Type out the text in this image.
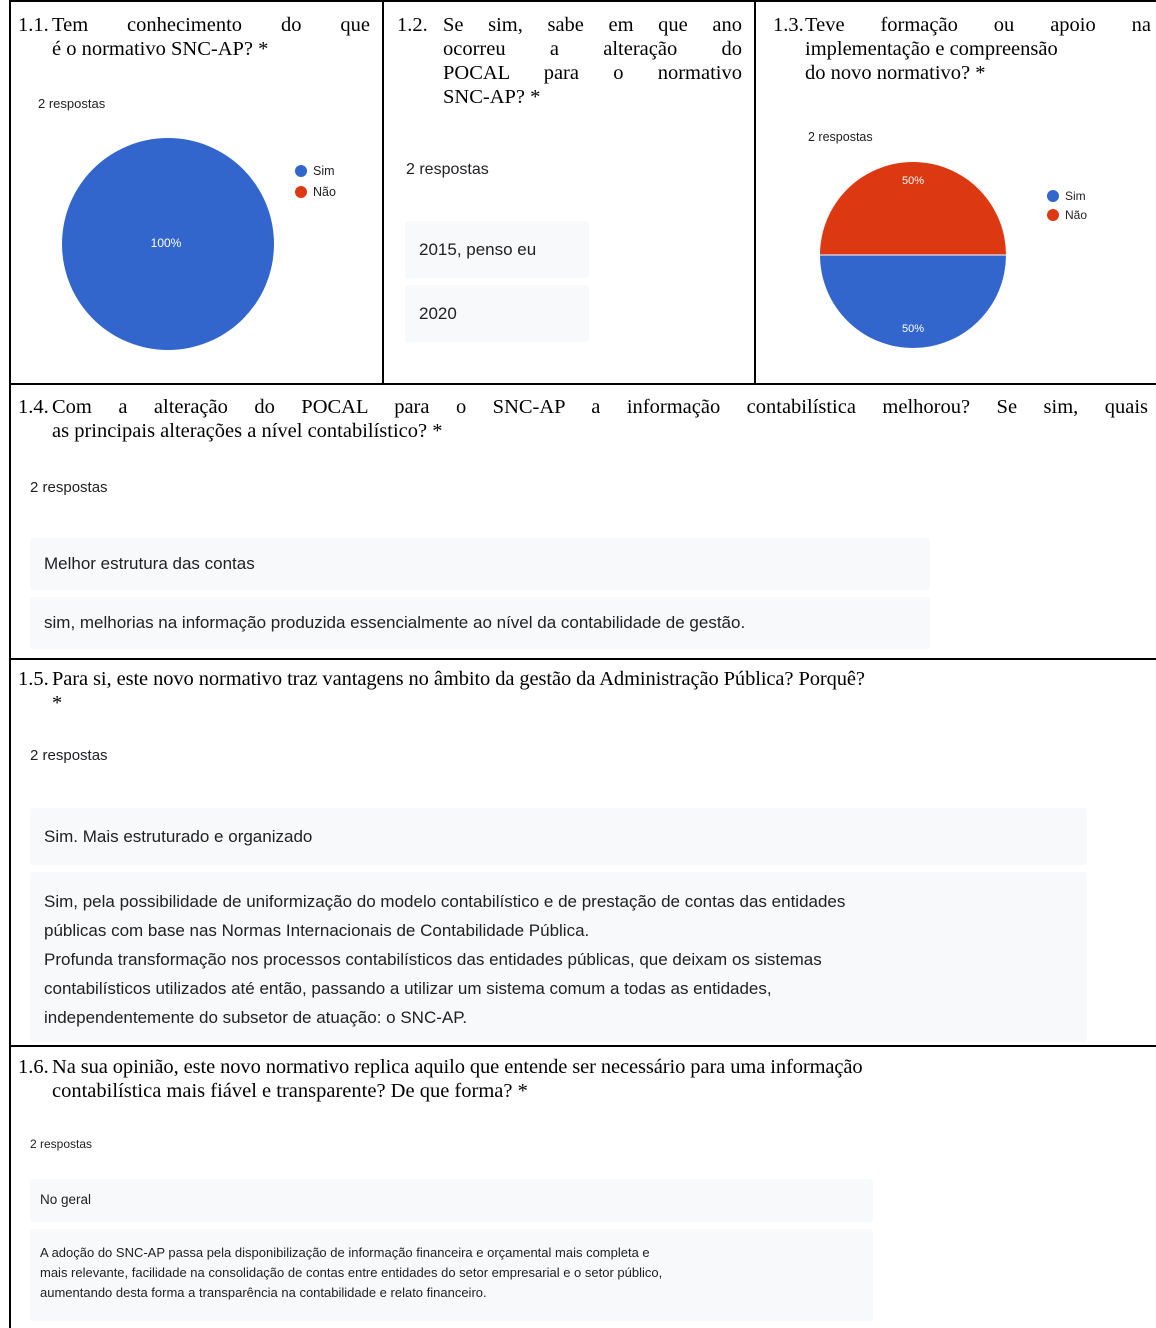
1.1. Tem conhecimento do que
é o normativo SNC-AP? *
2 respostas
100%
Sim
Não
1.2. Se sim, sabe em que ano
ocorreu a alteração do
POCAL para o normativo
SNC-AP? *
2 respostas
2015, penso eu
2020
1.3. Teve formação ou apoio na
implementação e compreensão
do novo normativo? *
2 respostas
50%
50%
Sim
Não
1.4. Com a alteração do POCAL para o SNC-AP a informação contabilística melhorou? Se sim, quais
as principais alterações a nível contabilístico? *
2 respostas
Melhor estrutura das contas
sim, melhorias na informação produzida essencialmente ao nível da contabilidade de gestão.
1.5. Para si, este novo normativo traz vantagens no âmbito da gestão da Administração Pública? Porquê?
*
2 respostas
Sim. Mais estruturado e organizado
Sim, pela possibilidade de uniformização do modelo contabilístico e de prestação de contas das entidades
públicas com base nas Normas Internacionais de Contabilidade Pública.
Profunda transformação nos processos contabilísticos das entidades públicas, que deixam os sistemas
contabilísticos utilizados até então, passando a utilizar um sistema comum a todas as entidades,
independentemente do subsetor de atuação: o SNC-AP.
1.6. Na sua opinião, este novo normativo replica aquilo que entende ser necessário para uma informação
contabilística mais fiável e transparente? De que forma? *
2 respostas
No geral
A adoção do SNC-AP passa pela disponibilização de informação financeira e orçamental mais completa e
mais relevante, facilidade na consolidação de contas entre entidades do setor empresarial e o setor público,
aumentando desta forma a transparência na contabilidade e relato financeiro.
